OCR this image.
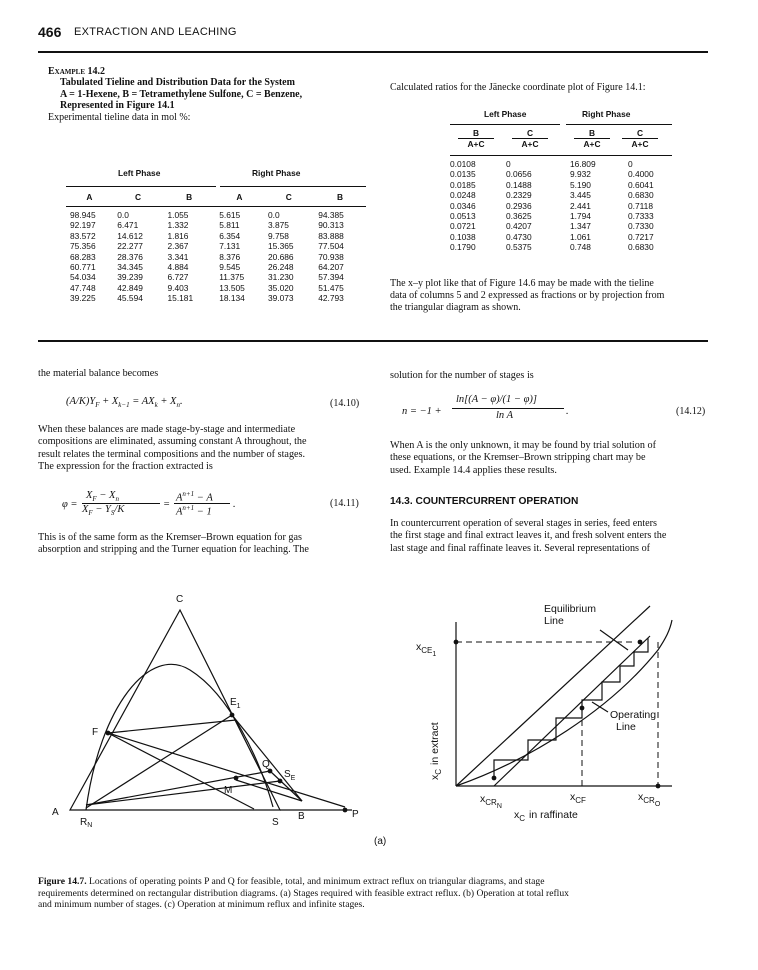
466 EXTRACTION AND LEACHING
Example 14.2
Tabulated Tieline and Distribution Data for the System
A = 1-Hexene, B = Tetramethylene Sulfone, C = Benzene,
Represented in Figure 14.1
Experimental tieline data in mol %:
Left Phase	Right Phase
A	C	B	A	C	B
98.945	0.0	1.055	5.615	0.0	94.385
92.197	6.471	1.332	5.811	3.875	90.313
83.572	14.612	1.816	6.354	9.758	83.888
75.356	22.277	2.367	7.131	15.365	77.504
68.283	28.376	3.341	8.376	20.686	70.938
60.771	34.345	4.884	9.545	26.248	64.207
54.034	39.239	6.727	11.375	31.230	57.394
47.748	42.849	9.403	13.505	35.020	51.475
39.225	45.594	15.181	18.134	39.073	42.793
Calculated ratios for the Jänecke coordinate plot of Figure 14.1:
Left Phase	Right Phase
$\frac{B}{A+C} \frac{C}{A+C}$	$\frac{B}{A+C} \frac{C}{A+C}$
0.0108	0	16.809	0
0.0135	0.0656	9.932	0.4000
0.0185	0.1488	5.190	0.6041
0.0248	0.2329	3.445	0.6830
0.0346	0.2936	2.441	0.7118
0.0513	0.3625	1.794	0.7333
0.0721	0.4207	1.347	0.7330
0.1038	0.4730	1.061	0.7217
0.1790	0.5375	0.748	0.6830
The x–y plot like that of Figure 14.6 may be made with the tieline
data of columns 5 and 2 expressed as fractions or by projection from
the triangular diagram as shown.
the material balance becomes
$(A/K)Y_F + X_{k-1} = AX_k + X_n$.	(14.10)
When these balances are made stage-by-stage and intermediate
compositions are eliminated, assuming constant A throughout, the
result relates the terminal compositions and the number of stages.
The expression for the fraction extracted is
φ =
$X_F - X_n$
$X_F - Y_S/K$	=
$A^{n+1} - A$
$A^{n+1} - 1$
.	(14.11)
This is of the same form as the Kremser–Brown equation for gas
absorption and stripping and the Turner equation for leaching. The
solution for the number of stages is
n = −1 +
ln[(A − φ)/(1 − φ)]
ln A	.	(14.12)
When A is the only unknown, it may be found by trial solution of
these equations, or the Kremser–Brown stripping chart may be
used. Example 14.4 applies these results.
14.3. COUNTERCURRENT OPERATION
In countercurrent operation of several stages in series, feed enters
the first stage and final extract leaves it, and fresh solvent enters the
last stage and final raffinate leaves it. Several representations of
C
A
$R_N$	S
B	P
F
$E_1$
Q
$S_E$
M
Equilibrium
Line
Operating
Line
$x_{CE1}$
$x_Cin$ extract
$x_{CRN}$
$x_{CF}$	$x_{CRO}$
$x_C$ in raffinate
(a)
Figure 14.7. Locations of operating points P and Q for feasible, total, and minimum extract reflux on triangular diagrams, and stage
requirements determined on rectangular distribution diagrams. (a) Stages required with feasible extract reflux. (b) Operation at total reflux
and minimum number of stages. (c) Operation at minimum reflux and infinite stages.
